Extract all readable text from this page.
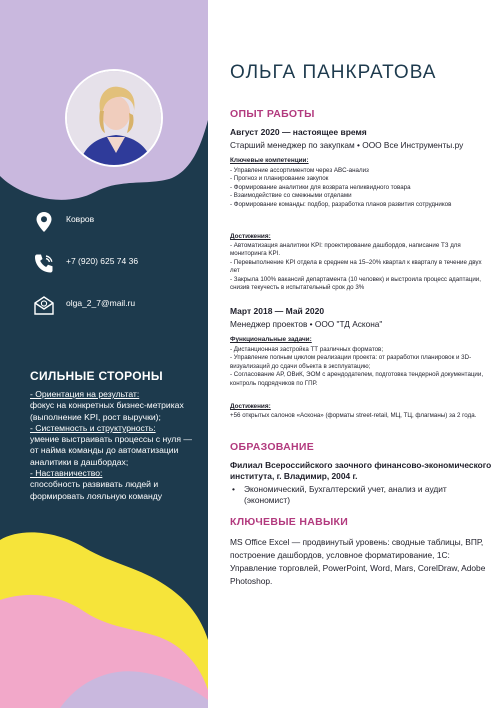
Ковров
+7 (920) 625 74 36
olga_2_7@mail.ru
СИЛЬНЫЕ СТОРОНЫ
- Ориентация на результат:
фокус на конкретных бизнес-метриках (выполнение KPI, рост выручки);
- Системность и структурность:
умение выстраивать процессы с нуля — от найма команды до автоматизации аналитики в дашбордах;
- Наставничество:
способность развивать людей и формировать лояльную команду
ОЛЬГА ПАНКРАТОВА
ОПЫТ РАБОТЫ
Август 2020 — настоящее время
Старший менеджер по закупкам • ООО Все Инструменты.ру
Ключевые компетенции:
- Управление ассортиментом через ABC-анализ
- Прогноз и планирование закупок
- Формирование аналитики для возврата неликвидного товара
- Взаимодействие со смежными отделами
- Формирование команды: подбор, разработка планов развития сотрудников
Достижения:
- Автоматизация аналитики KPI: проектирование дашбордов, написание ТЗ для мониторинга KPI.
- Перевыполнение KPI отдела в среднем на 15–20% квартал к кварталу в течение двух лет
- Закрыла 100% вакансий департамента (10 человек) и выстроила процесс адаптации, снизив текучесть в испытательный срок до 3%
Март 2018 — Май 2020
Менеджер проектов • ООО "ТД Аскона"
Функциональные задачи:
- Дистанционная застройка ТТ различных форматов;
- Управление полным циклом реализации проекта: от разработки планировок и 3D-визуализаций до сдачи объекта в эксплуатацию;
- Согласование АР, ОВиК, ЭОМ с арендодателем, подготовка тендерной документации, контроль подрядчиков по ГПР.
Достижения:
+56 открытых салонов «Аскона» (форматы street-retail, МЦ, ТЦ, флагманы) за 2 года.
ОБРАЗОВАНИЕ
Филиал Всероссийского заочного финансово-экономического института, г. Владимир, 2004 г.
•	Экономический, Бухгалтерский учет, анализ и аудит (экономист)
КЛЮЧЕВЫЕ НАВЫКИ
MS Office Excel — продвинутый уровень: сводные таблицы, ВПР, построение дашбордов, условное форматирование, 1С: Управление торговлей, PowerPoint, Word, Mars, CorelDraw, Adobe Photoshop.
